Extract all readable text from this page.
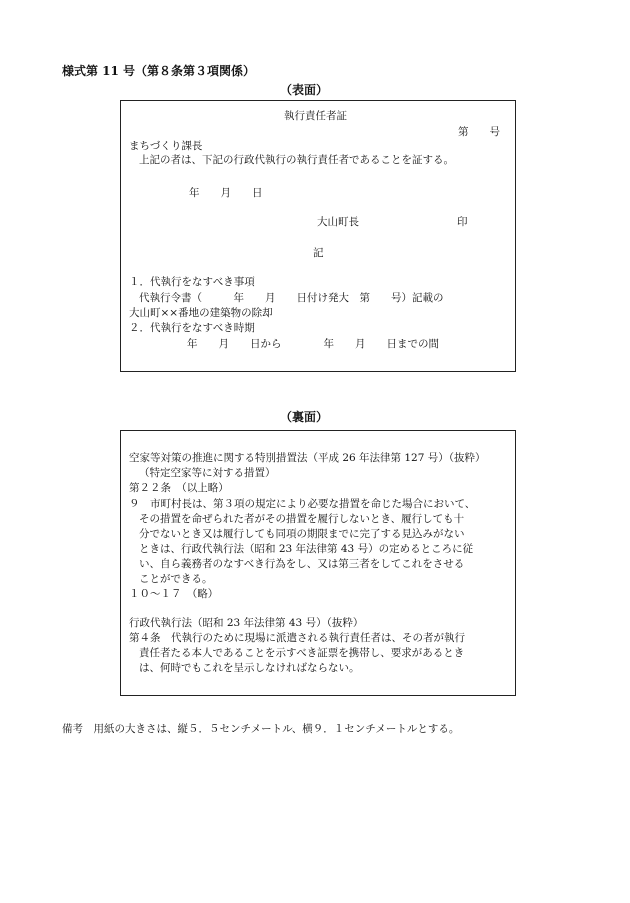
様式第 11 号（第８条第３項関係）
（表面）
執行責任者証
第　　号
まちづくり課長
上記の者は、下記の行政代執行の執行責任者であることを証する。
年　　月　　日
大山町長	印
記
１．代執行をなすべき事項
代執行令書（　　　年　　月　　日付け発大　第　　号）記載の
大山町××番地の建築物の除却
２．代執行をなすべき時期
年　　月　　日から　　　　年　　月　　日までの間
（裏面）
空家等対策の推進に関する特別措置法（平成 26 年法律第 127 号）（抜粋）
（特定空家等に対する措置）
第２２条　（以上略）
９　市町村長は、第３項の規定により必要な措置を命じた場合において、
その措置を命ぜられた者がその措置を履行しないとき、履行しても十
分でないとき又は履行しても同項の期限までに完了する見込みがない
ときは、行政代執行法（昭和 23 年法律第 43 号）の定めるところに従
い、自ら義務者のなすべき行為をし、又は第三者をしてこれをさせる
ことができる。
１０～１７　（略）
行政代執行法（昭和 23 年法律第 43 号）（抜粋）
第４条　代執行のために現場に派遣される執行責任者は、その者が執行
責任者たる本人であることを示すべき証票を携帯し、要求があるとき
は、何時でもこれを呈示しなければならない。
備考　用紙の大きさは、縦５．５センチメートル、横９．１センチメートルとする。
